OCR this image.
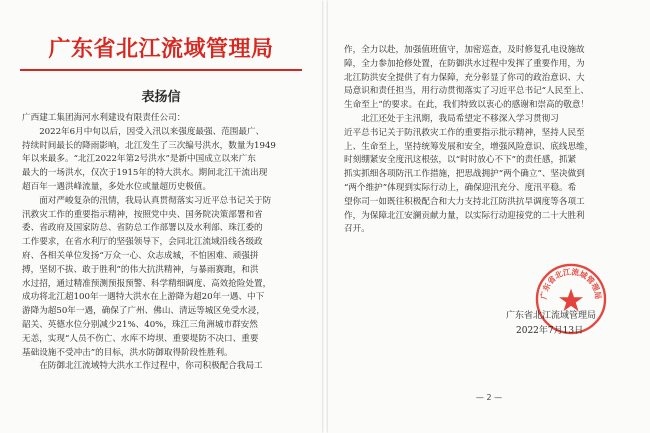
广东省北江流域管理局
表扬信
广西建工集团海河水利建设有限责任公司：
　　2022年6月中旬以后，因受入汛以来强度最强、范围最广、
持续时间最长的降雨影响，北江发生了三次编号洪水，数量为1949
年以来最多。“北江2022年第2号洪水”是新中国成立以来广东
最大的一场洪水，仅次于1915年的特大洪水。期间北江干流出现
超百年一遇洪峰流量，多处水位或量超历史极值。
　　面对严峻复杂的汛情，我局认真贯彻落实习近平总书记关于防
汛救灾工作的重要指示精神，按照党中央、国务院决策部署和省
委、省政府及国家防总、省防总工作部署以及水利部、珠江委的
工作要求，在省水利厅的坚强领导下，会同北江流域沿线各级政
府、各相关单位发扬“万众一心、众志成城，不怕困难、顽强拼
搏，坚韧不拔、敢于胜利”的伟大抗洪精神，与暴雨赛跑，和洪
水过招，通过精准预测预报预警、科学精细调度、高效抢险处置，
成功将北江超100年一遇特大洪水在上游降为超20年一遇、中下
游降为超50年一遇，确保了广州、佛山、清远等城区免受水浸，
韶关、英德水位分别减少21%、40%，珠江三角洲城市群安然
无恙，实现“人员不伤亡、水库不垮坝、重要堤防不决口、重要
基础设施不受冲击”的目标，洪水防御取得阶段性胜利。
　　在防御北江流域特大洪水工作过程中，你司积极配合我局工
作，全力以赴，加强值班值守，加密巡查，及时修复孔电设施故
障，全力参加抢修处置，在防御洪水过程中发挥了重要作用，为
北江防洪安全提供了有力保障，充分彰显了你司的政治意识、大
局意识和责任担当，用行动贯彻落实了习近平总书记“人民至上、
生命至上”的要求。在此，我们特致以衷心的感谢和崇高的敬意！
　　北江还处于主汛期，我局希望定不移深入学习贯彻习
近平总书记关于防汛救灾工作的重要指示批示精神，坚持人民至
上、生命至上，坚持统筹发展和安全，增强风险意识、底线思维，
时刻绷紧安全度汛这根弦，以“时时放心不下”的责任感，抓紧
抓实抓细各项防汛工作措施，把思战拥护“两个确立”、坚决做到
“两个维护”体现到实际行动上，确保迎汛充分、度汛平稳。希
望你司一如既往积极配合和大力支持北江防洪抗旱调度等各项工
作，为保障北江安澜贡献力量，以实际行动迎接党的二十大胜利
召开。
广东省北江流域管理局
广东省北江流域管理局
2022年7月13日
— 2 —
